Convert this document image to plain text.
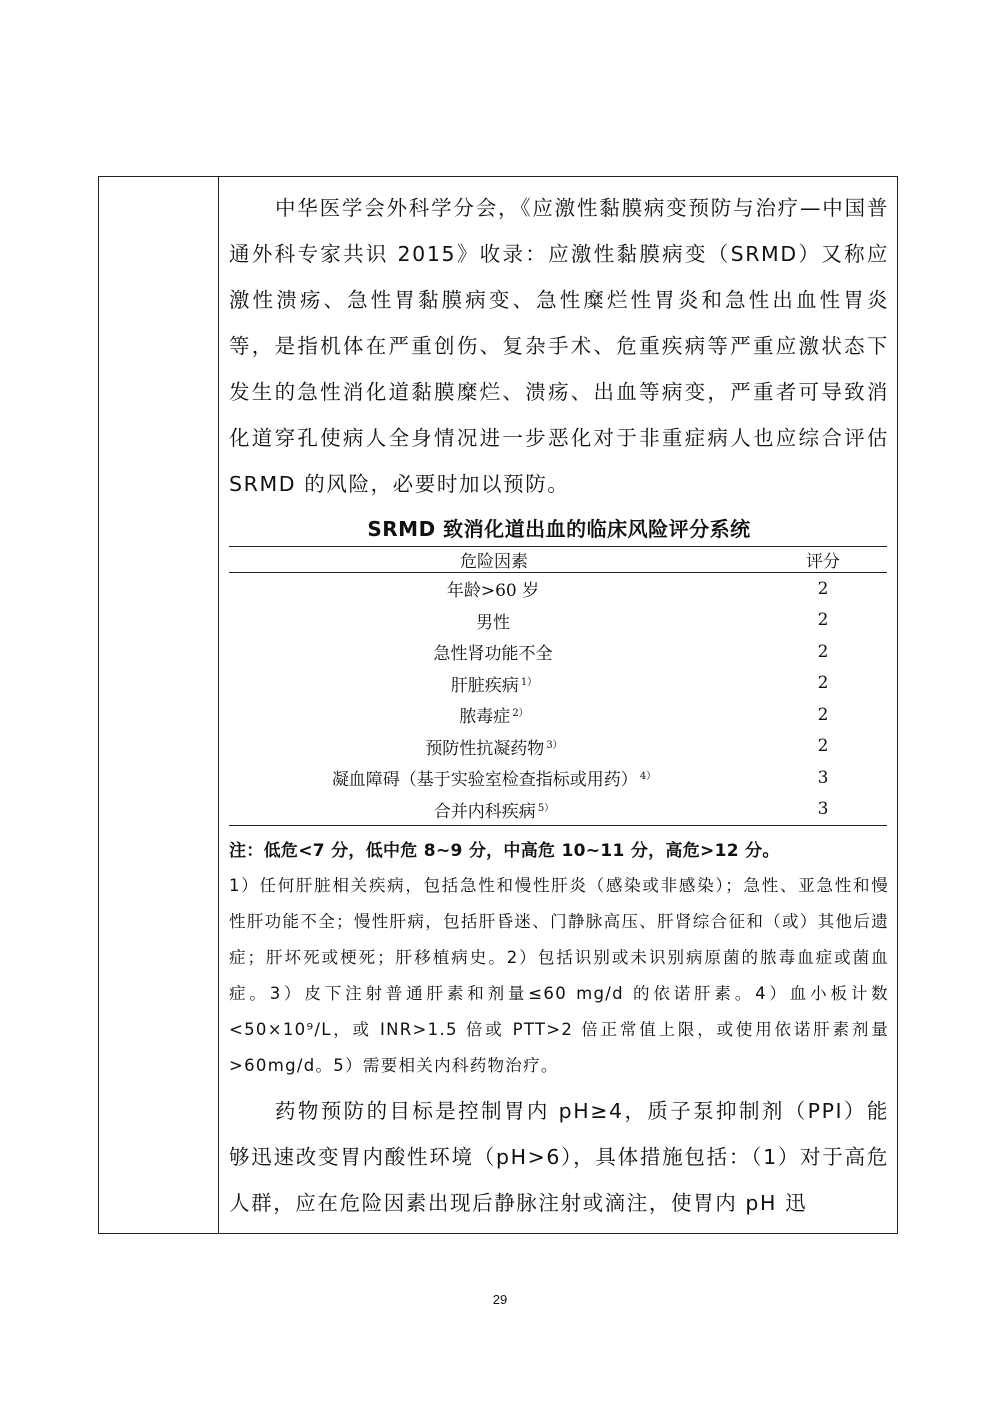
中华医学会外科学分会，《应激性黏膜病变预防与治疗—中国普通外科专家共识 2015》收录：应激性黏膜病变（SRMD）又称应激性溃疡、急性胃黏膜病变、急性糜烂性胃炎和急性出血性胃炎等，是指机体在严重创伤、复杂手术、危重疾病等严重应激状态下发生的急性消化道黏膜糜烂、溃疡、出血等病变，严重者可导致消化道穿孔使病人全身情况进一步恶化对于非重症病人也应综合评估 SRMD 的风险，必要时加以预防。

SRMD 致消化道出血的临床风险评分系统
危险因素	评分
年龄>60 岁	2
男性	2
急性肾功能不全	2
肝脏疾病 $^{1)}$	2
脓毒症 $^{2)}$	2
预防性抗凝药物 $^{3)}$	2
凝血障碍（基于实验室检查指标或用药） $^{4)}$	3
合并内科疾病 $^{5)}$	3
注：低危<7 分，低中危 8~9 分，中高危 10~11 分，高危>12 分。

1）任何肝脏相关疾病，包括急性和慢性肝炎（感染或非感染）；急性、亚急性和慢性肝功能不全；慢性肝病，包括肝昏迷、门静脉高压、肝肾综合征和（或）其他后遗症；肝坏死或梗死；肝移植病史。2）包括识别或未识别病原菌的脓毒血症或菌血症。3）皮下注射普通肝素和剂量≤60 mg/d 的依诺肝素。4）血小板计数<50×10⁹/L，或 INR>1.5 倍或 PTT>2 倍正常值上限，或使用依诺肝素剂量>60mg/d。5）需要相关内科药物治疗。

药物预防的目标是控制胃内 pH≥4，质子泵抑制剂（PPI）能够迅速改变胃内酸性环境（pH>6），具体措施包括：（1）对于高危人群，应在危险因素出现后静脉注射或滴注，使胃内 pH 迅

29
